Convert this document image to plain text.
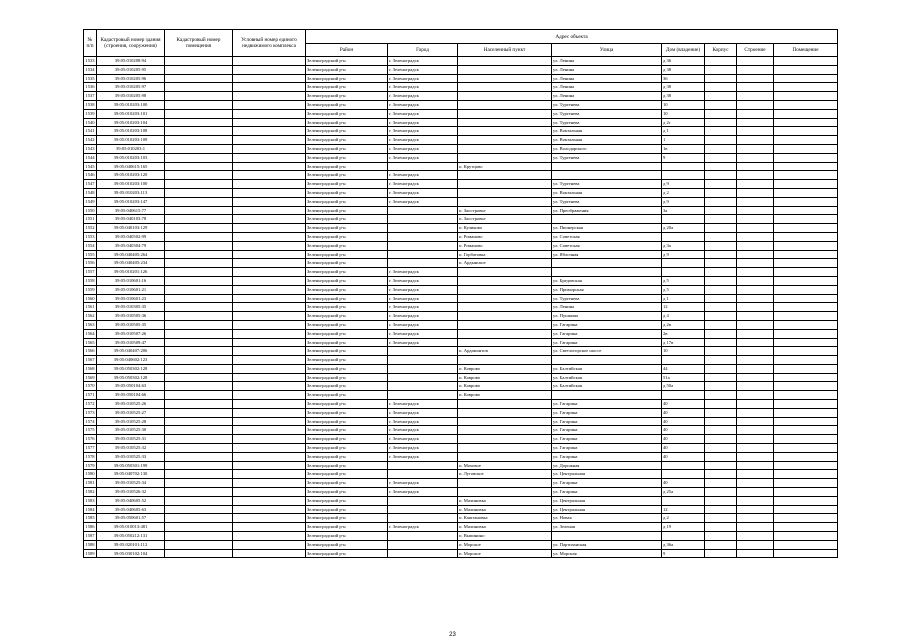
№ п/п	Кадастровый номер здания (строения, сооружения)	Кадастровый номер помещения	Условный номер единого недвижимого комплекса	Адрес объекта							
				Район	Город	Населенный пункт	Улица	Дом (владение)	Корпус	Строение	Помещение
1533	39:05:010208:94			Зеленоградский р-н	г. Зеленоградск		ул. Ленина	д 36			
1534	39:05:010205:95			Зеленоградский р-н	г. Зеленоградск		ул. Ленина	д 38			
1535	39:05:010205:96			Зеленоградский р-н	г. Зеленоградск		ул. Ленина	36			
1536	39:05:010205:97			Зеленоградский р-н	г. Зеленоградск		ул. Ленина	д 38			
1537	39:05:010205:98			Зеленоградский р-н	г. Зеленоградск		ул. Ленина	д 38			
1538	39:05:010203:100			Зеленоградский р-н	г. Зеленоградск		ул. Тургенева	10			
1539	39:05:010203:101			Зеленоградский р-н	г. Зеленоградск		ул. Тургенева	10			
1540	39:05:010203:104			Зеленоградский р-н	г. Зеленоградск		ул. Тургенева	д 2г			
1541	39:05:010203:108			Зеленоградский р-н	г. Зеленоградск		ул. Вокзальная	д 1			
1542	39:05:010203:109			Зеленоградский р-н	г. Зеленоградск		ул. Вокзальная	1			
1543	39:05:010203:1			Зеленоградский р-н	г. Зеленоградск		ул. Володарского	1в			
1544	39:05:010203:103			Зеленоградский р-н	г. Зеленоградск		ул. Тургенева	9			
1545	39:05:040615:165			Зеленоградский р-н		п. Крутцово					
1546	39:05:010203:120			Зеленоградский р-н	г. Зеленоградск						
1547	39:05:010203:100			Зеленоградский р-н	г. Зеленоградск		ул. Тургенева	д 9			
1548	39:05:010203:113			Зеленоградский р-н	г. Зеленоградск		ул. Вокзальная	д 2			
1549	39:05:010203:147			Зеленоградский р-н	г. Зеленоградск		ул. Тургенева	д 9			
1550	39:05:040615:77			Зеленоградский р-н		п. Заостровье	ул. Преображения	3а			
1551	39:05:040103:78			Зеленоградский р-н		п. Заостровье					
1552	39:05:040103:129			Зеленоградский р-н		п. Куликово	ул. Пионерская	д 20а			
1553	39:05:040502:99			Зеленоградский р-н		п. Романово	ул. Советская				
1554	39:05:040304:79			Зеленоградский р-н		п. Романово	ул. Советская	д 3а			
1555	39:05:040405:264			Зеленоградский р-н		п. Горбатовка	ул. Яблочная	д 9			
1556	39:05:040405:234			Зеленоградский р-н		п. Ардынское					
1557	39:05:010201:126			Зеленоградский р-н	г. Зеленоградск						
1558	39:05:010601:16			Зеленоградский р-н	г. Зеленоградск		ул. Бредовская	д 5			
1559	39:05:010601:21			Зеленоградский р-н	г. Зеленоградск		ул. Приморская	д 5			
1560	39:05:010601:23			Зеленоградский р-н	г. Зеленоградск		ул. Тургенева	д 1			
1561	39:05:010305:35			Зеленоградский р-н	г. Зеленоградск		ул. Ленина	12			
1562	39:05:010505:36			Зеленоградский р-н	г. Зеленоградск		ул. Пушкина	д 4			
1563	39:05:010505:35			Зеленоградский р-н	г. Зеленоградск		ул. Гагарина	д 2в			
1564	39:05:010507:26			Зеленоградский р-н	г. Зеленоградск		ул. Гагарина	2в			
1565	39:05:010509:47			Зеленоградский р-н	г. Зеленоградск		ул. Гагарина	д 17в			
1566	39:05:040407:206			Зеленоградский р-н		п. Ардамонтов	ул. Светлогорское шоссе	10			
1567	39:05:040602:123			Зеленоградский р-н							
1568	39:05:050302:128			Зеленоградский р-н		п. Коврово	ул. Балтийская	44			
1569	39:05:050302:128			Зеленоградский р-н		п. Коврово	ул. Балтийская	51а			
1570	39:05:050104:63			Зеленоградский р-н		п. Коврово	ул. Балтийская	д 50а			
1571	39:05:050104:66			Зеленоградский р-н		п. Коврово					
1572	39:05:010525:26			Зеленоградский р-н	г. Зеленоградск		ул. Гагарина	40			
1573	39:05:010525:27			Зеленоградский р-н	г. Зеленоградск		ул. Гагарина	40			
1574	39:05:010525:28			Зеленоградский р-н	г. Зеленоградск		ул. Гагарина	40			
1575	39:05:010525:30			Зеленоградский р-н	г. Зеленоградск		ул. Гагарина	40			
1576	39:05:010525:31			Зеленоградский р-н	г. Зеленоградск		ул. Гагарина	40			
1577	39:05:010525:32			Зеленоградский р-н	г. Зеленоградск		ул. Гагарина	40			
1578	39:05:010525:33			Зеленоградский р-н	г. Зеленоградск		ул. Гагарина	40			
1579	39:05:050301:199			Зеленоградский р-н		п. Моховое	ул. Дорожная				
1580	39:05:040702:130			Зеленоградский р-н		п. Луговское	ул. Центральная				
1581	39:05:010525:34			Зеленоградский р-н	г. Зеленоградск		ул. Гагарина	40			
1582	39:05:010526:32			Зеленоградский р-н	г. Зеленоградск		ул. Гагарина	д 25а			
1583	39:05:040605:52			Зеленоградский р-н		п. Малиновка	ул. Центральная				
1584	39:05:040605:63			Зеленоградский р-н		п. Малиновка	ул. Центральная	12			
1585	39:05:050601:57			Зеленоградский р-н		п. Каштановка	ул. Новая	д 2			
1586	39:05:010013:481			Зеленоградский р-н	г. Зеленоградск	п. Малиновка	ул. Зеленая	д 19			
1587	39:05:050212:131			Зеленоградский р-н		п. Выпинино					
1588	39:05:020101:112			Зеленоградский р-н		п. Морское	ул. Партизанская	д 36а			
1589	39:05:030102:104			Зеленоградский р-н		п. Морское	ул. Морская	9			
23
